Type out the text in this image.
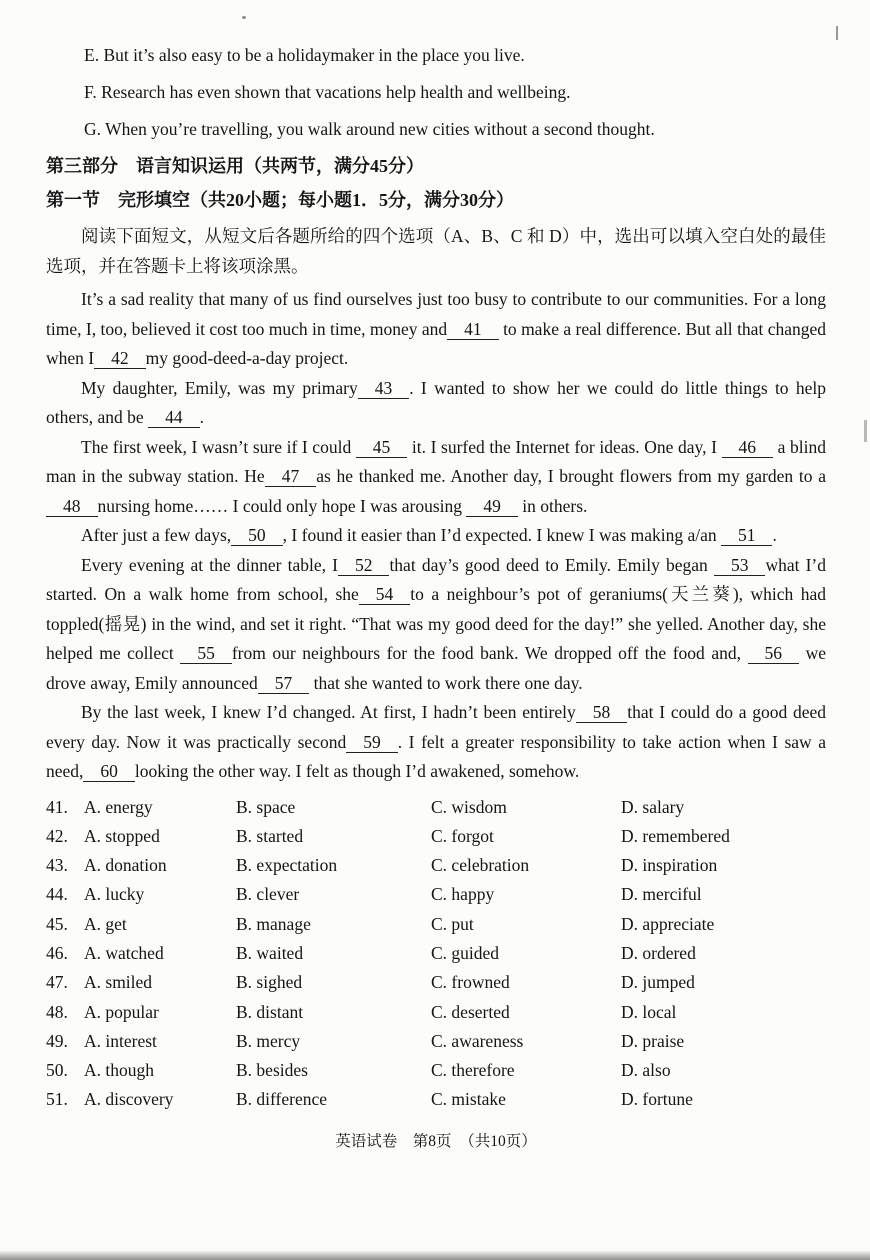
E. But it’s also easy to be a holidaymaker in the place you live.

F. Research has even shown that vacations help health and wellbeing.

G. When you’re travelling, you walk around new cities without a second thought.

第三部分　语言知识运用（共两节，满分45分）
第一节　完形填空（共20小题；每小题1．5分，满分30分）

阅读下面短文，从短文后各题所给的四个选项（A、B、C 和 D）中，选出可以填入空白处的最佳选项，并在答题卡上将该项涂黑。

It’s a sad reality that many of us find ourselves just too busy to contribute to our communities. For a long time, I, too, believed it cost too much in time, money and 41 to make a real difference. But all that changed when I 42 my good-deed-a-day project.

My daughter, Emily, was my primary 43 . I wanted to show her we could do little things to help others, and be 44 .

The first week, I wasn’t sure if I could 45 it. I surfed the Internet for ideas. One day, I 46 a blind man in the subway station. He 47 as he thanked me. Another day, I brought flowers from my garden to a 48 nursing home…… I could only hope I was arousing 49 in others.

After just a few days, 50 , I found it easier than I’d expected. I knew I was making a/an 51 .

Every evening at the dinner table, I 52 that day’s good deed to Emily. Emily began 53 what I’d started. On a walk home from school, she 54 to a neighbour’s pot of geraniums(天兰葵), which had toppled(摇晃) in the wind, and set it right. “That was my good deed for the day!” she yelled. Another day, she helped me collect 55 from our neighbours for the food bank. We dropped off the food and, 56 we drove away, Emily announced 57 that she wanted to work there one day.

By the last week, I knew I’d changed. At first, I hadn’t been entirely 58 that I could do a good deed every day. Now it was practically second 59 . I felt a greater responsibility to take action when I saw a need, 60 looking the other way. I felt as though I’d awakened, somehow.

41. A. energy	B. space	C. wisdom	D. salary
42. A. stopped	B. started	C. forgot	D. remembered
43. A. donation	B. expectation	C. celebration	D. inspiration
44. A. lucky	B. clever	C. happy	D. merciful
45. A. get	B. manage	C. put	D. appreciate
46. A. watched	B. waited	C. guided	D. ordered
47. A. smiled	B. sighed	C. frowned	D. jumped
48. A. popular	B. distant	C. deserted	D. local
49. A. interest	B. mercy	C. awareness	D. praise
50. A. though	B. besides	C. therefore	D. also
51. A. discovery	B. difference	C. mistake	D. fortune
英语试卷　第8页　（共10页）
